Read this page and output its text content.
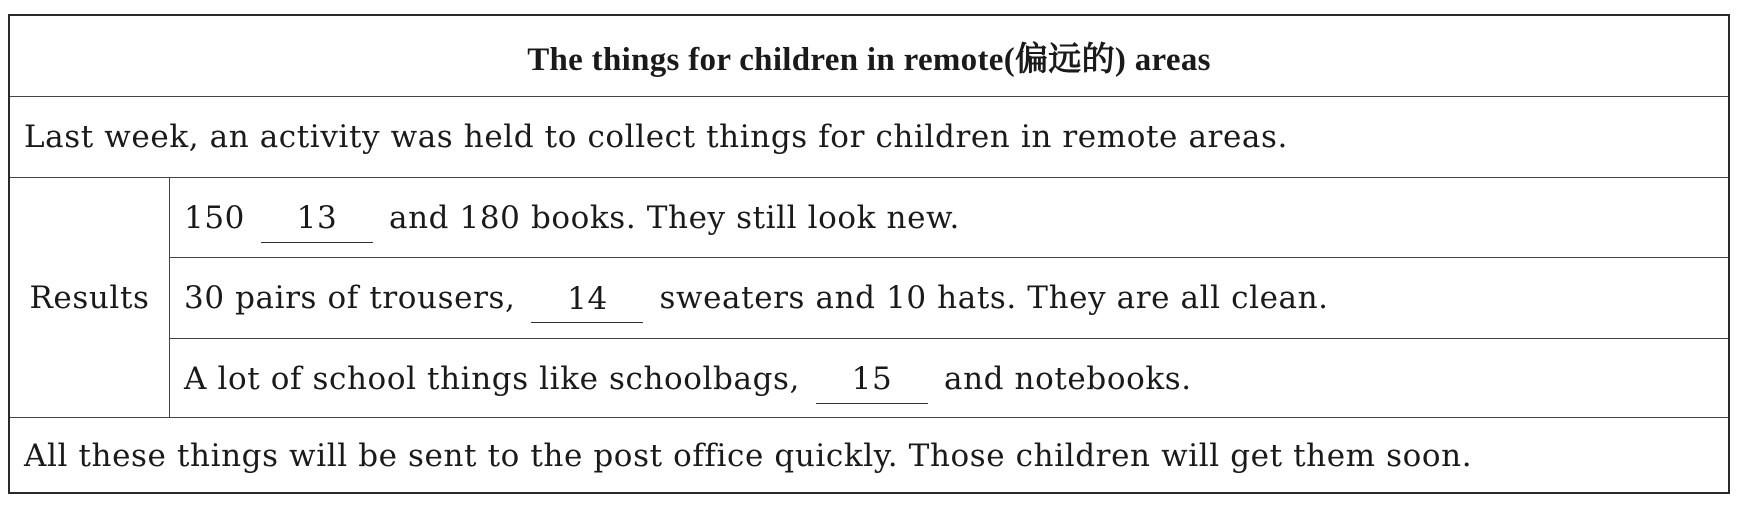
The things for children in remote(偏远的) areas
Last week, an activity was held to collect things for children in remote areas.
Results
150	13	and 180 books. They still look new.
30 pairs of trousers,	14	sweaters and 10 hats. They are all clean.
A lot of school things like schoolbags,	15	and notebooks.
All these things will be sent to the post office quickly. Those children will get them soon.
